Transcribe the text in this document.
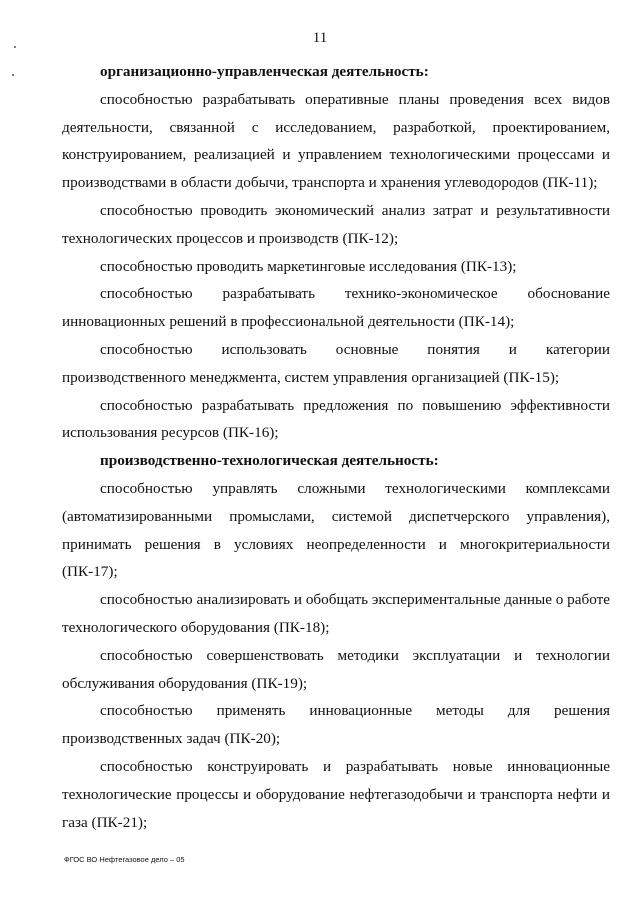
11

организационно-управленческая деятельность:

способностью разрабатывать оперативные планы проведения всех видов деятельности, связанной с исследованием, разработкой, проектированием, конструированием, реализацией и управлением технологическими процессами и производствами в области добычи, транспорта и хранения углеводородов (ПК-11);

способностью проводить экономический анализ затрат и результативности технологических процессов и производств (ПК-12);

способностью проводить маркетинговые исследования (ПК-13);

способностью разрабатывать технико-экономическое обоснование инновационных решений в профессиональной деятельности (ПК-14);

способностью использовать основные понятия и категории производственного менеджмента, систем управления организацией (ПК-15);

способностью разрабатывать предложения по повышению эффективности использования ресурсов (ПК-16);

производственно-технологическая деятельность:

способностью управлять сложными технологическими комплексами (автоматизированными промыслами, системой диспетчерского управления), принимать решения в условиях неопределенности и многокритериальности (ПК-17);

способностью анализировать и обобщать экспериментальные данные о работе технологического оборудования (ПК-18);

способностью совершенствовать методики эксплуатации и технологии обслуживания оборудования (ПК-19);

способностью применять инновационные методы для решения производственных задач (ПК-20);

способностью конструировать и разрабатывать новые инновационные технологические процессы и оборудование нефтегазодобычи и транспорта нефти и газа (ПК-21);

ФГОС ВО Нефтегазовое дело – 05
